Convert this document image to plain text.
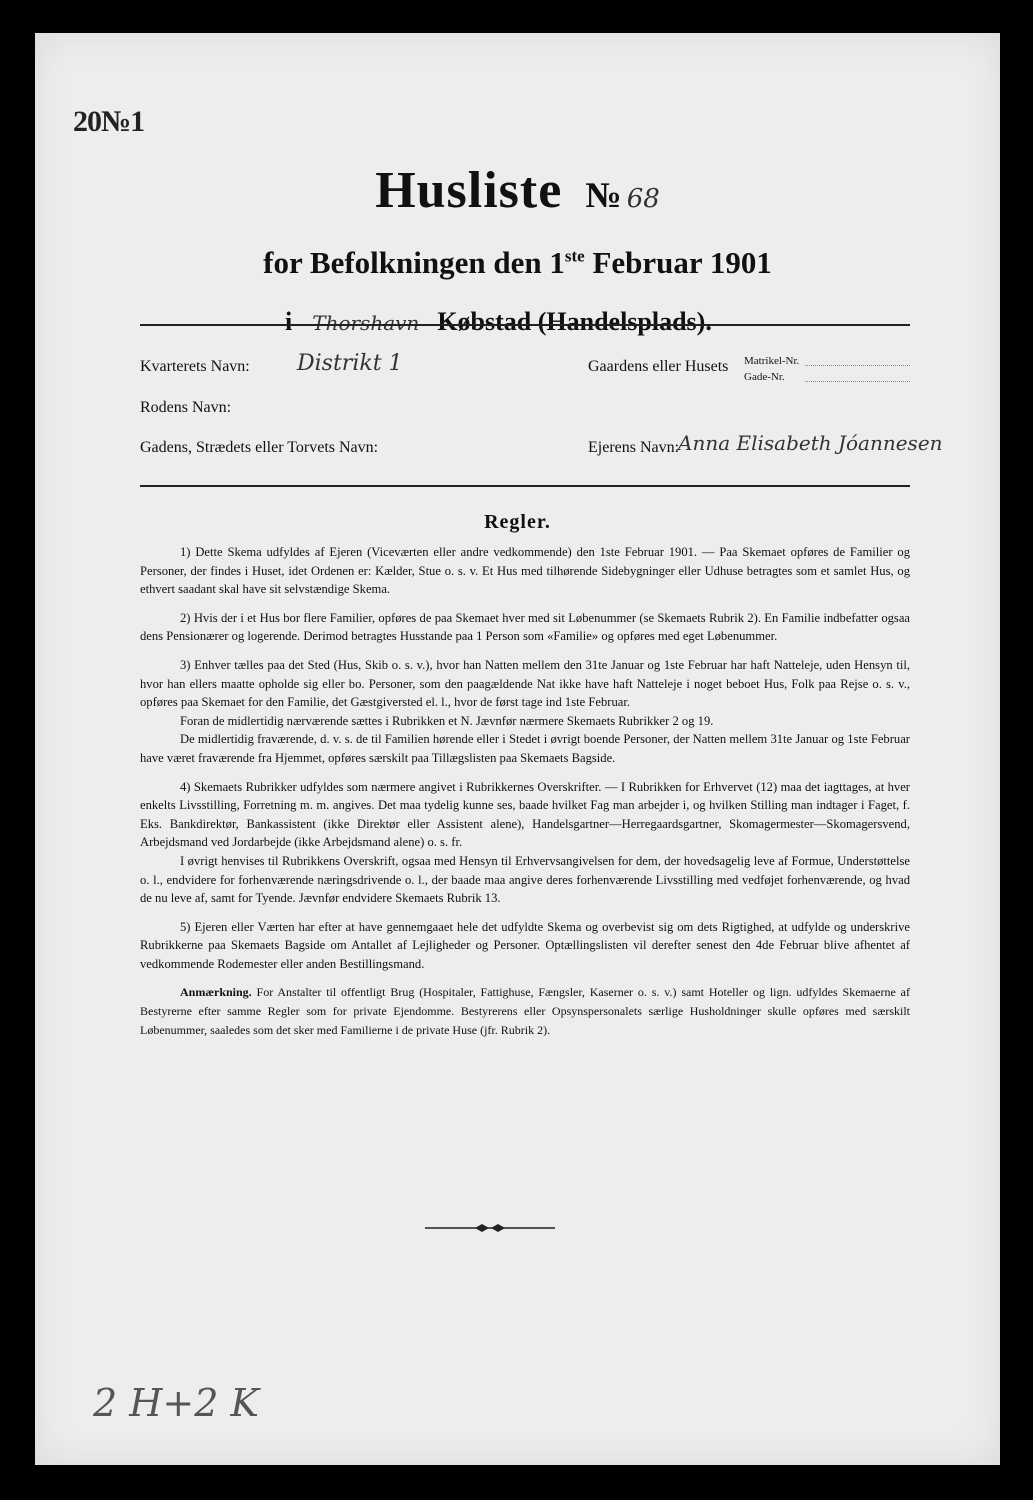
20№1
Husliste № 68
for Befolkningen den 1ste Februar 1901
i Thorshavn Købstad (Handelsplads).
Kvarterets Navn: Distrikt 1	Gaardens eller Husets Matrikel-Nr.
Gade-Nr.
Rodens Navn:
Gadens, Strædets eller Torvets Navn:	Ejerens Navn:
Anna Elisabeth Jóannesen
Regler.

1) Dette Skema udfyldes af Ejeren (Viceværten eller andre vedkommende) den 1ste Februar 1901. — Paa Skemaet opføres de Familier og Personer, der findes i Huset, idet Ordenen er: Kælder, Stue o. s. v. Et Hus med tilhørende Sidebygninger eller Udhuse betragtes som et samlet Hus, og ethvert saadant skal have sit selvstændige Skema.

2) Hvis der i et Hus bor flere Familier, opføres de paa Skemaet hver med sit Løbenummer (se Skemaets Rubrik 2). En Familie indbefatter ogsaa dens Pensionærer og logerende. Derimod betragtes Husstande paa 1 Person som «Familie» og opføres med eget Løbenummer.

3) Enhver tælles paa det Sted (Hus, Skib o. s. v.), hvor han Natten mellem den 31te Januar og 1ste Februar har haft Natteleje, uden Hensyn til, hvor han ellers maatte opholde sig eller bo. Personer, som den paagældende Nat ikke have haft Natteleje i noget beboet Hus, Folk paa Rejse o. s. v., opføres paa Skemaet for den Familie, det Gæstgiversted el. l., hvor de først tage ind 1ste Februar.

Foran de midlertidig nærværende sættes i Rubrikken et N. Jævnfør nærmere Skemaets Rubrikker 2 og 19.

De midlertidig fraværende, d. v. s. de til Familien hørende eller i Stedet i øvrigt boende Personer, der Natten mellem 31te Januar og 1ste Februar have været fraværende fra Hjemmet, opføres særskilt paa Tillægslisten paa Skemaets Bagside.

4) Skemaets Rubrikker udfyldes som nærmere angivet i Rubrikkernes Overskrifter. — I Rubrikken for Erhvervet (12) maa det iagttages, at hver enkelts Livsstilling, Forretning m. m. angives. Det maa tydelig kunne ses, baade hvilket Fag man arbejder i, og hvilken Stilling man indtager i Faget, f. Eks. Bankdirektør, Bankassistent (ikke Direktør eller Assistent alene), Handelsgartner—Herregaardsgartner, Skomagermester—Skomagersvend, Arbejdsmand ved Jordarbejde (ikke Arbejdsmand alene) o. s. fr.

I øvrigt henvises til Rubrikkens Overskrift, ogsaa med Hensyn til Erhvervsangivelsen for dem, der hovedsagelig leve af Formue, Understøttelse o. l., endvidere for forhenværende næringsdrivende o. l., der baade maa angive deres forhenværende Livsstilling med vedføjet forhenværende, og hvad de nu leve af, samt for Tyende. Jævnfør endvidere Skemaets Rubrik 13.

5) Ejeren eller Værten har efter at have gennemgaaet hele det udfyldte Skema og overbevist sig om dets Rigtighed, at udfylde og underskrive Rubrikkerne paa Skemaets Bagside om Antallet af Lejligheder og Personer. Optællingslisten vil derefter senest den 4de Februar blive afhentet af vedkommende Rodemester eller anden Bestillingsmand.

Anmærkning. For Anstalter til offentligt Brug (Hospitaler, Fattighuse, Fængsler, Kaserner o. s. v.) samt Hoteller og lign. udfyldes Skemaerne af Bestyrerne efter samme Regler som for private Ejendomme. Bestyrerens eller Opsynspersonalets særlige Husholdninger skulle opføres med særskilt Løbenummer, saaledes som det sker med Familierne i de private Huse (jfr. Rubrik 2).

2 H+2 K
